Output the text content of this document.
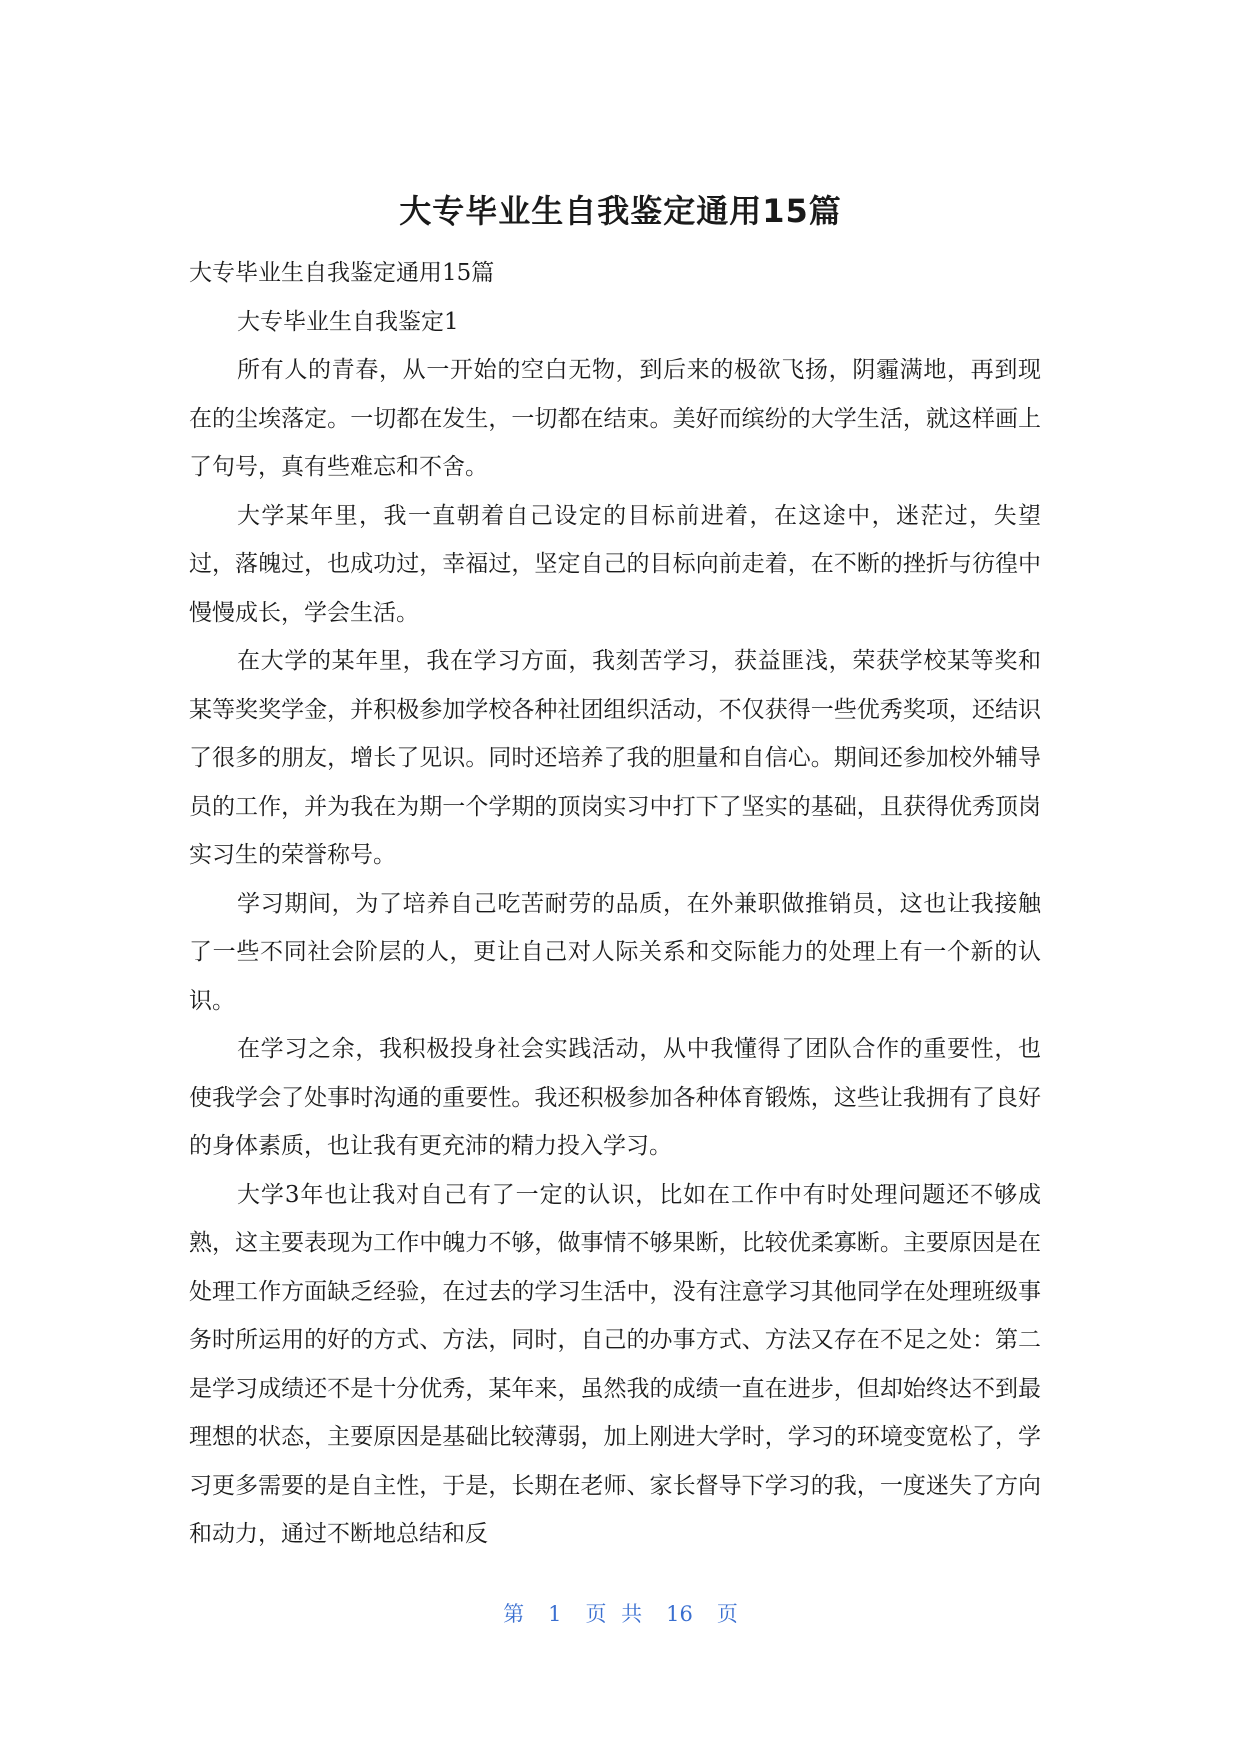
大专毕业生自我鉴定通用15篇

大专毕业生自我鉴定通用15篇

大专毕业生自我鉴定1

所有人的青春，从一开始的空白无物，到后来的极欲飞扬，阴霾满地，再到现在的尘埃落定。一切都在发生，一切都在结束。美好而缤纷的大学生活，就这样画上了句号，真有些难忘和不舍。

大学某年里，我一直朝着自己设定的目标前进着，在这途中，迷茫过，失望过，落魄过，也成功过，幸福过，坚定自己的目标向前走着，在不断的挫折与彷徨中慢慢成长，学会生活。

在大学的某年里，我在学习方面，我刻苦学习，获益匪浅，荣获学校某等奖和某等奖奖学金，并积极参加学校各种社团组织活动，不仅获得一些优秀奖项，还结识了很多的朋友，增长了见识。同时还培养了我的胆量和自信心。期间还参加校外辅导员的工作，并为我在为期一个学期的顶岗实习中打下了坚实的基础，且获得优秀顶岗实习生的荣誉称号。

学习期间，为了培养自己吃苦耐劳的品质，在外兼职做推销员，这也让我接触了一些不同社会阶层的人，更让自己对人际关系和交际能力的处理上有一个新的认识。

在学习之余，我积极投身社会实践活动，从中我懂得了团队合作的重要性，也使我学会了处事时沟通的重要性。我还积极参加各种体育锻炼，这些让我拥有了良好的身体素质，也让我有更充沛的精力投入学习。

大学3年也让我对自己有了一定的认识，比如在工作中有时处理问题还不够成熟，这主要表现为工作中魄力不够，做事情不够果断，比较优柔寡断。主要原因是在处理工作方面缺乏经验，在过去的学习生活中，没有注意学习其他同学在处理班级事务时所运用的好的方式、方法，同时，自己的办事方式、方法又存在不足之处：第二是学习成绩还不是十分优秀，某年来，虽然我的成绩一直在进步，但却始终达不到最理想的状态，主要原因是基础比较薄弱，加上刚进大学时，学习的环境变宽松了，学习更多需要的是自主性，于是，长期在老师、家长督导下学习的我，一度迷失了方向和动力，通过不断地总结和反

第 1 页 共 16 页
